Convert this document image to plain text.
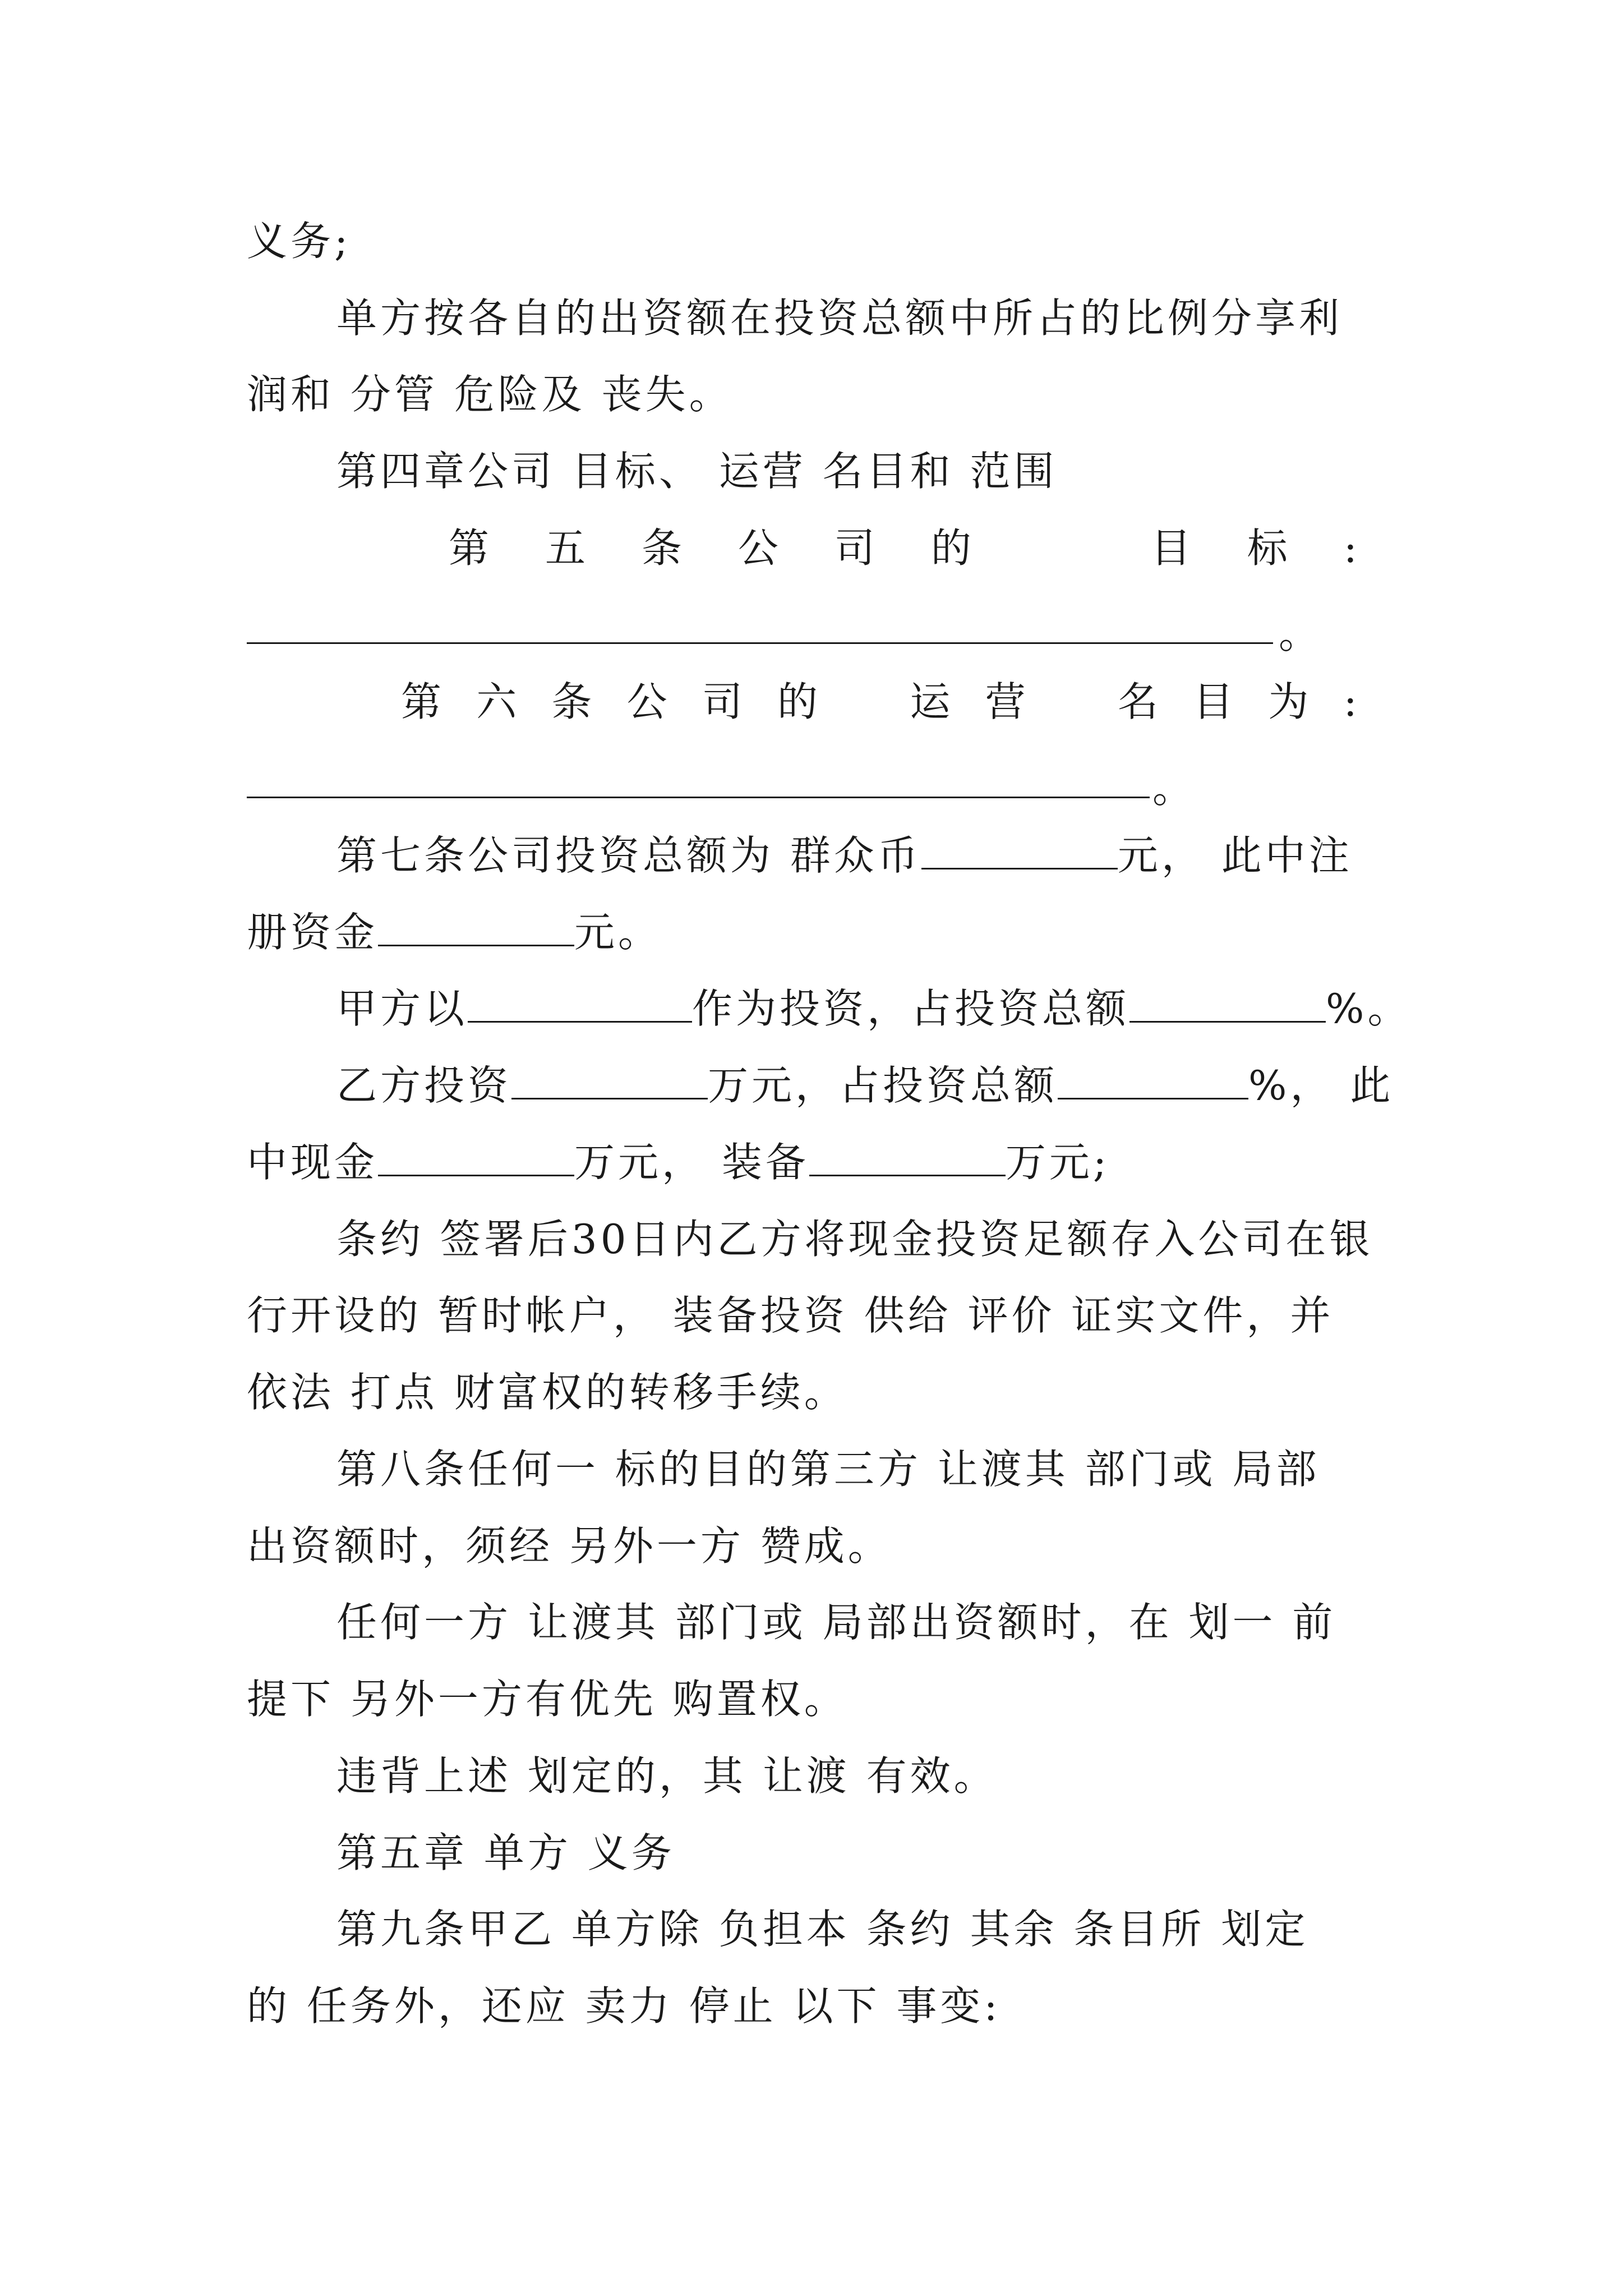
义务;
单方按各自的出资额在投资总额中所占的比例分享利
润和 分管 危险及 丧失。
第四章公司 目标、 运营 名目和 范围
第 五 条 公 司 的	目 标 :
。
第 六 条 公 司 的 运 营 名 目 为 :
。
第七条公司投资总额为 群众币	元， 此中注
册资金	元。
甲方以	作为投资，占投资总额	%。
乙方投资	万元，占投资总额	%， 此
中现金	万元， 装备	万元;
条约 签署后30日内乙方将现金投资足额存入公司在银
行开设的 暂时帐户， 装备投资 供给 评价 证实文件，并
依法 打点 财富权的转移手续。
第八条任何一 标的目的第三方 让渡其 部门或 局部
出资额时，须经 另外一方 赞成。
任何一方 让渡其 部门或 局部出资额时，在 划一 前
提下 另外一方有优先 购置权。
违背上述 划定的，其 让渡 有效。
第五章 单方 义务
第九条甲乙 单方除 负担本 条约 其余 条目所 划定
的 任务外，还应 卖力 停止 以下 事变:
